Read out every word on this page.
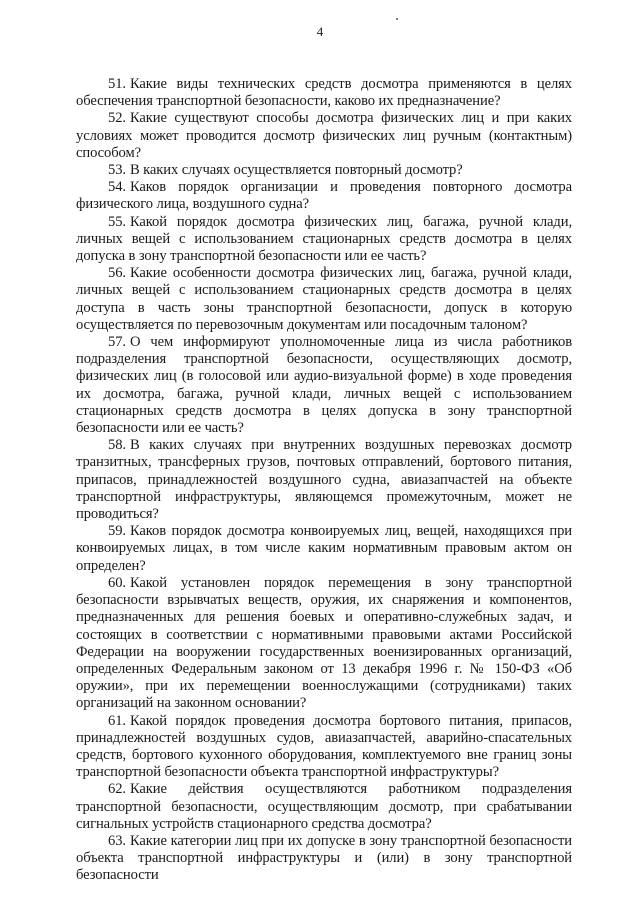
4

51. Какие виды технических средств досмотра применяются в целях обеспечения транспортной безопасности, каково их предназначение?

52. Какие существуют способы досмотра физических лиц и при каких условиях может проводится досмотр физических лиц ручным (контактным) способом?

53. В каких случаях осуществляется повторный досмотр?

54. Каков порядок организации и проведения повторного досмотра физического лица, воздушного судна?

55. Какой порядок досмотра физических лиц, багажа, ручной клади, личных вещей с использованием стационарных средств досмотра в целях допуска в зону транспортной безопасности или ее часть?

56. Какие особенности досмотра физических лиц, багажа, ручной клади, личных вещей с использованием стационарных средств досмотра в целях доступа в часть зоны транспортной безопасности, допуск в которую осуществляется по перевозочным документам или посадочным талоном?

57. О чем информируют уполномоченные лица из числа работников подразделения транспортной безопасности, осуществляющих досмотр, физических лиц (в голосовой или аудио-визуальной форме) в ходе проведения их досмотра, багажа, ручной клади, личных вещей с использованием стационарных средств досмотра в целях допуска в зону транспортной безопасности или ее часть?

58. В каких случаях при внутренних воздушных перевозках досмотр транзитных, трансферных грузов, почтовых отправлений, бортового питания, припасов, принадлежностей воздушного судна, авиазапчастей на объекте транспортной инфраструктуры, являющемся промежуточным, может не проводиться?

59. Каков порядок досмотра конвоируемых лиц, вещей, находящихся при конвоируемых лицах, в том числе каким нормативным правовым актом он определен?

60. Какой установлен порядок перемещения в зону транспортной безопасности взрывчатых веществ, оружия, их снаряжения и компонентов, предназначенных для решения боевых и оперативно-служебных задач, и состоящих в соответствии с нормативными правовыми актами Российской Федерации на вооружении государственных военизированных организаций, определенных Федеральным законом от 13 декабря 1996 г. № 150-ФЗ «Об оружии», при их перемещении военнослужащими (сотрудниками) таких организаций на законном основании?

61. Какой порядок проведения досмотра бортового питания, припасов, принадлежностей воздушных судов, авиазапчастей, аварийно-спасательных средств, бортового кухонного оборудования, комплектуемого вне границ зоны транспортной безопасности объекта транспортной инфраструктуры?

62. Какие действия осуществляются работником подразделения транспортной безопасности, осуществляющим досмотр, при срабатывании сигнальных устройств стационарного средства досмотра?

63. Какие категории лиц при их допуске в зону транспортной безопасности объекта транспортной инфраструктуры и (или) в зону транспортной безопасности
